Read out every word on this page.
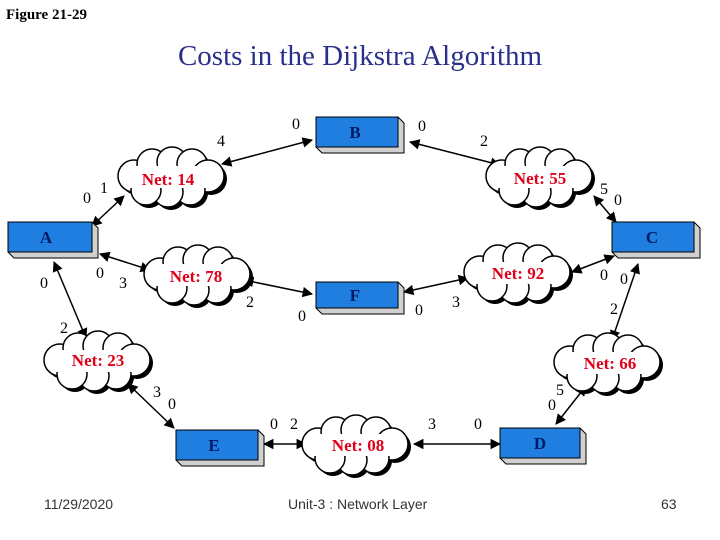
Figure 21-29
Costs in the Dijkstra Algorithm
Net: 14	Net: 55
Net: 78	Net: 92
Net: 23	Net: 66
Net: 08
B
A	C
F
E	D
4
0	0
2
0
1
0
5
0
3
0
2	0 3
0
0
0
2
2
0
3
0
5
2
0	0
3
11/29/2020	Unit-3 : Network Layer	63
